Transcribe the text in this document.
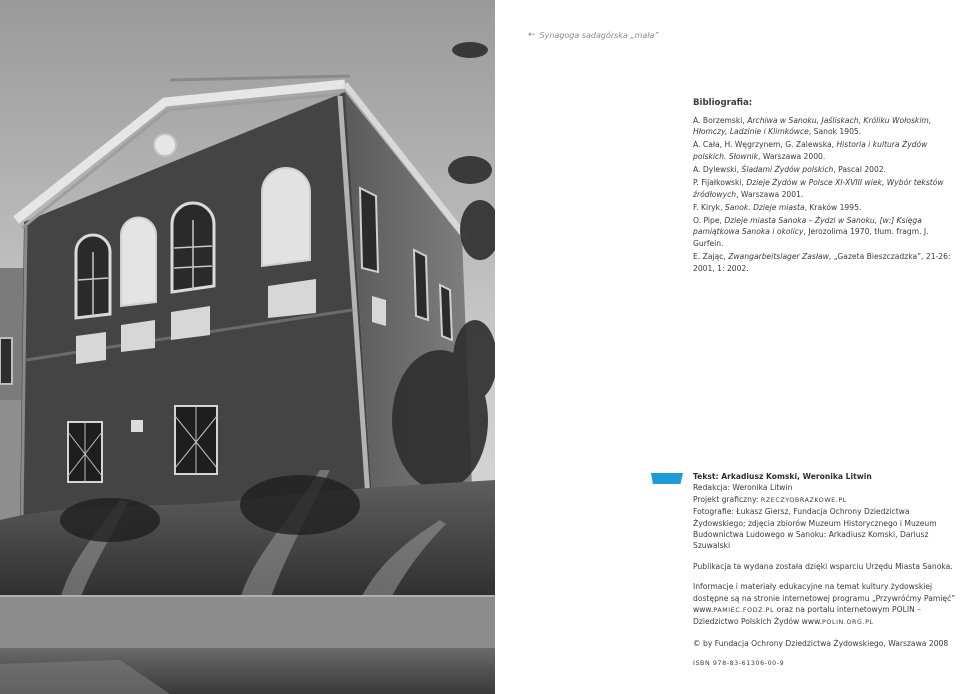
← Synagoga sadagórska „mała”
Bibliografia:

A. Borzemski, Archiwa w Sanoku, Jaśliskach, Króliku Wołoskim, Hłomczy, Ladzinie i Klimkówce, Sanok 1905.

A. Cała, H. Węgrzynem, G. Zalewska, Historia i kultura Żydów polskich. Słownik, Warszawa 2000.

A. Dylewski, Śladami Żydów polskich, Pascal 2002.

P. Fijałkowski, Dzieje Żydów w Polsce XI-XVIII wiek, Wybór tekstów źródłowych, Warszawa 2001.

F. Kiryk, Sanok. Dzieje miasta, Kraków 1995.

O. Pipe, Dzieje miasta Sanoka – Żydzi w Sanoku, [w:] Księga pamiątkowa Sanoka i okolicy, Jerozolima 1970, tłum. fragm. J. Gurfein.

E. Zając, Zwangarbeitslager Zasław, „Gazeta Bieszczadzka”, 21-26: 2001, 1: 2002.

Tekst: Arkadiusz Komski, Weronika Litwin

Redakcja: Weronika Litwin

Projekt graficzny: RZECZYOBRAZKOWE.PL

Fotografie: Łukasz Giersz, Fundacja Ochrony Dziedzictwa Żydowskiego; zdjęcia zbiorów Muzeum Historycznego i Muzeum Budownictwa Ludowego w Sanoku: Arkadiusz Komski, Dariusz Szuwalski

Publikacja ta wydana została dzięki wsparciu Urzędu Miasta Sanoka.

Informacje i materiały edukacyjne na temat kultury żydowskiej dostępne są na stronie internetowej programu „Przywróćmy Pamięć” www.PAMIEC.FODZ.PL oraz na portalu internetowym POLIN – Dziedzictwo Polskich Żydów www.POLIN.ORG.PL

© by Fundacja Ochrony Dziedzictwa Żydowskiego, Warszawa 2008

ISBN 978-83-61306-00-9
